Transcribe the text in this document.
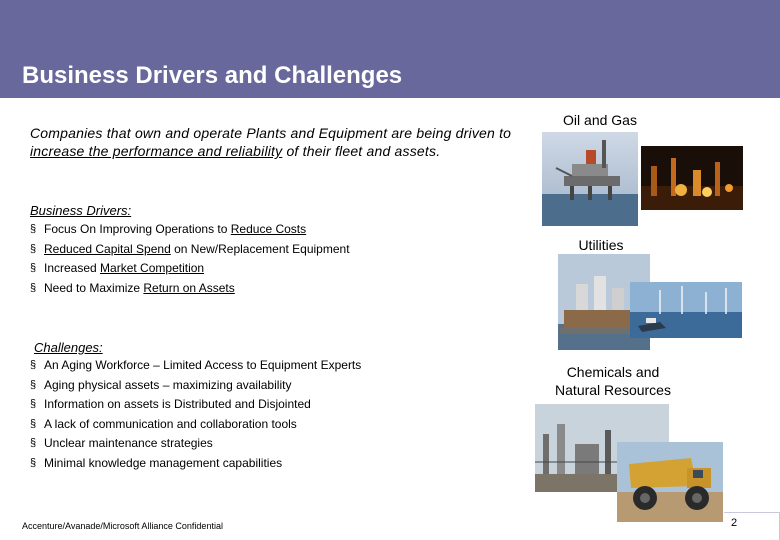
Business Drivers and Challenges
Companies that own and operate Plants and Equipment are being driven to increase the performance and reliability of their fleet and assets.
Business Drivers:
§ Focus On Improving Operations to Reduce Costs
§ Reduced Capital Spend on New/Replacement Equipment
§ Increased Market Competition
§ Need to Maximize Return on Assets
Challenges:
§ An Aging Workforce – Limited Access to Equipment Experts
§ Aging physical assets – maximizing availability
§ Information on assets is Distributed and Disjointed
§ A lack of communication and collaboration tools
§ Unclear maintenance strategies
§ Minimal knowledge management capabilities
Oil and Gas
Utilities
Chemicals and
Natural Resources
Accenture/Avanade/Microsoft Alliance Confidential	2
